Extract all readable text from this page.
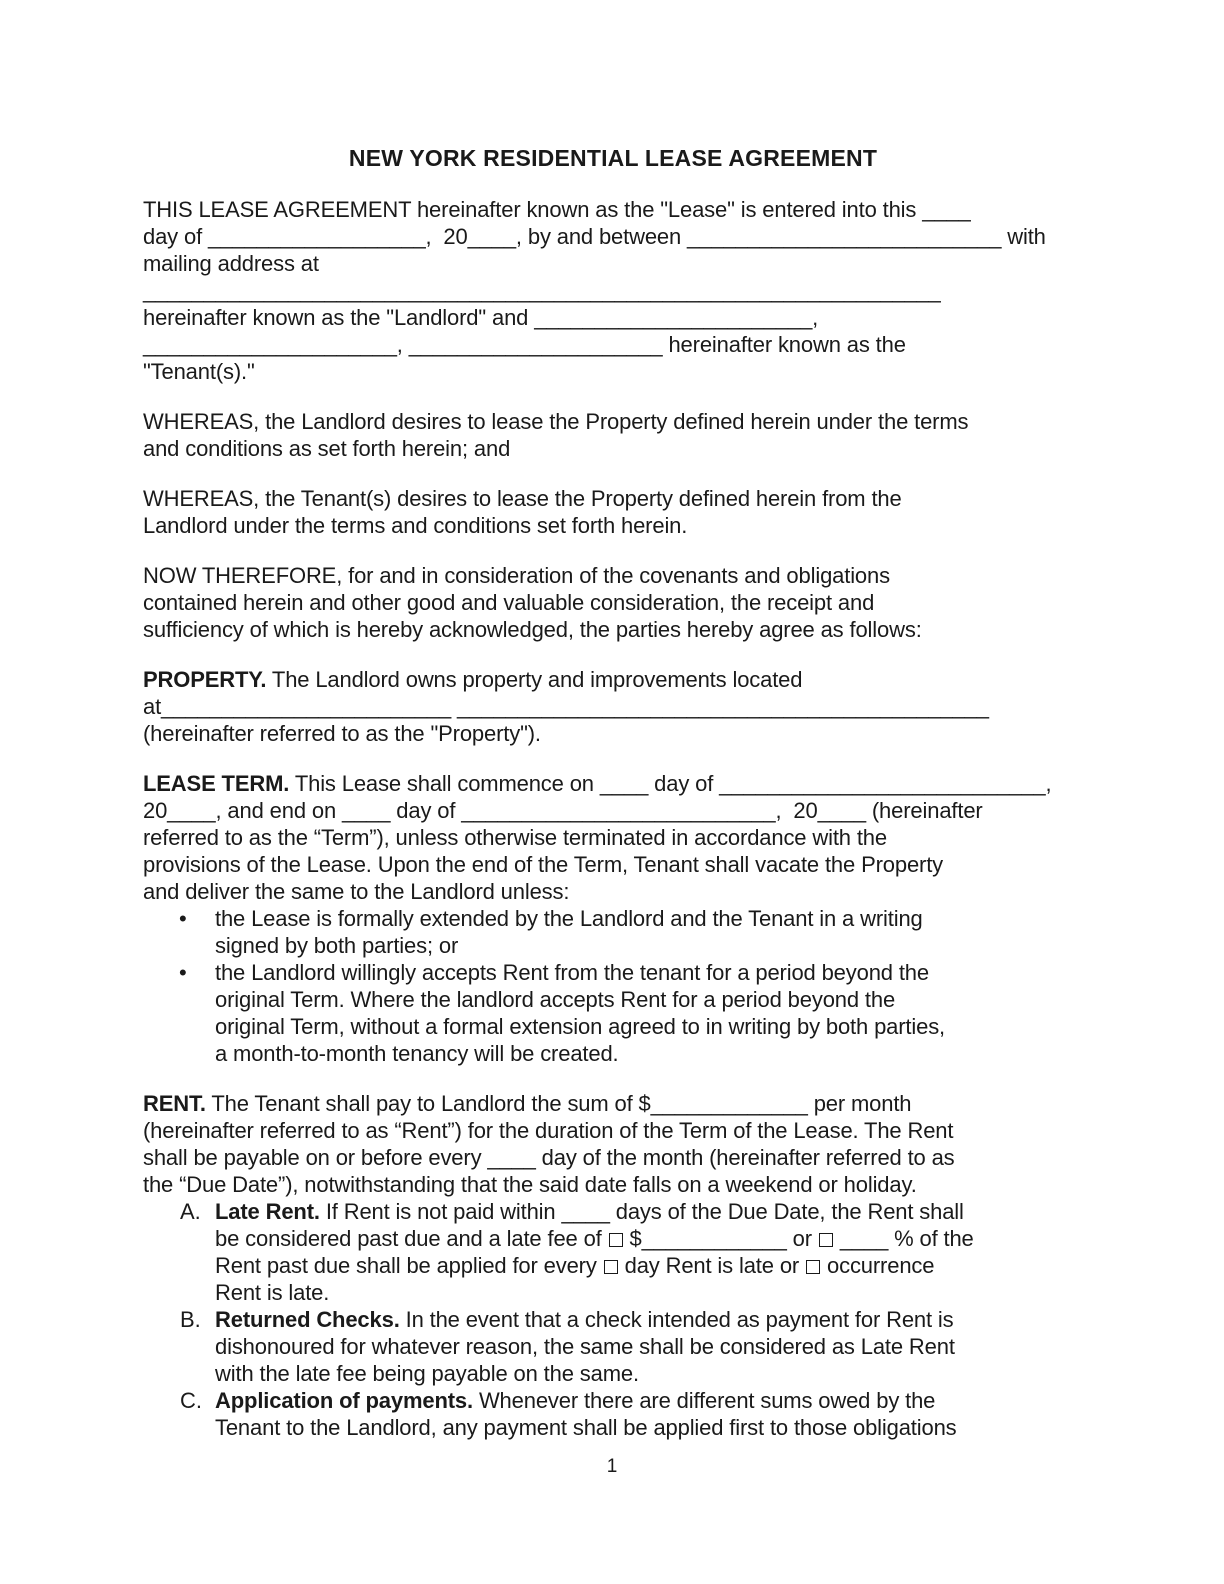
NEW YORK RESIDENTIAL LEASE AGREEMENT
THIS LEASE AGREEMENT hereinafter known as the "Lease" is entered into this ____
day of __________________,  20____, by and between __________________________ with
mailing address at __________________________________________________________________
hereinafter known as the "Landlord" and _______________________,
_____________________, _____________________ hereinafter known as the
"Tenant(s)."
WHEREAS, the Landlord desires to lease the Property defined herein under the terms
and conditions as set forth herein; and
WHEREAS, the Tenant(s) desires to lease the Property defined herein from the
Landlord under the terms and conditions set forth herein.
NOW THEREFORE, for and in consideration of the covenants and obligations
contained herein and other good and valuable consideration, the receipt and
sufficiency of which is hereby acknowledged, the parties hereby agree as follows:
PROPERTY. The Landlord owns property and improvements located
at________________________ ____________________________________________
(hereinafter referred to as the "Property").
LEASE TERM. This Lease shall commence on ____ day of ___________________________,
20____, and end on ____ day of __________________________,  20____ (hereinafter
referred to as the “Term”), unless otherwise terminated in accordance with the
provisions of the Lease. Upon the end of the Term, Tenant shall vacate the Property
and deliver the same to the Landlord unless:
•	the Lease is formally extended by the Landlord and the Tenant in a writing
signed by both parties; or
•	the Landlord willingly accepts Rent from the tenant for a period beyond the
original Term. Where the landlord accepts Rent for a period beyond the
original Term, without a formal extension agreed to in writing by both parties,
a month-to-month tenancy will be created.
RENT. The Tenant shall pay to Landlord the sum of $_____________ per month
(hereinafter referred to as “Rent”) for the duration of the Term of the Lease. The Rent
shall be payable on or before every ____ day of the month (hereinafter referred to as
the “Due Date”), notwithstanding that the said date falls on a weekend or holiday.
A. Late Rent. If Rent is not paid within ____ days of the Due Date, the Rent shall
be considered past due and a late fee of  $____________ or  ____ % of the
Rent past due shall be applied for every  day Rent is late or  occurrence
Rent is late.
B. Returned Checks. In the event that a check intended as payment for Rent is
dishonoured for whatever reason, the same shall be considered as Late Rent
with the late fee being payable on the same.
C. Application of payments. Whenever there are different sums owed by the
Tenant to the Landlord, any payment shall be applied first to those obligations
1
